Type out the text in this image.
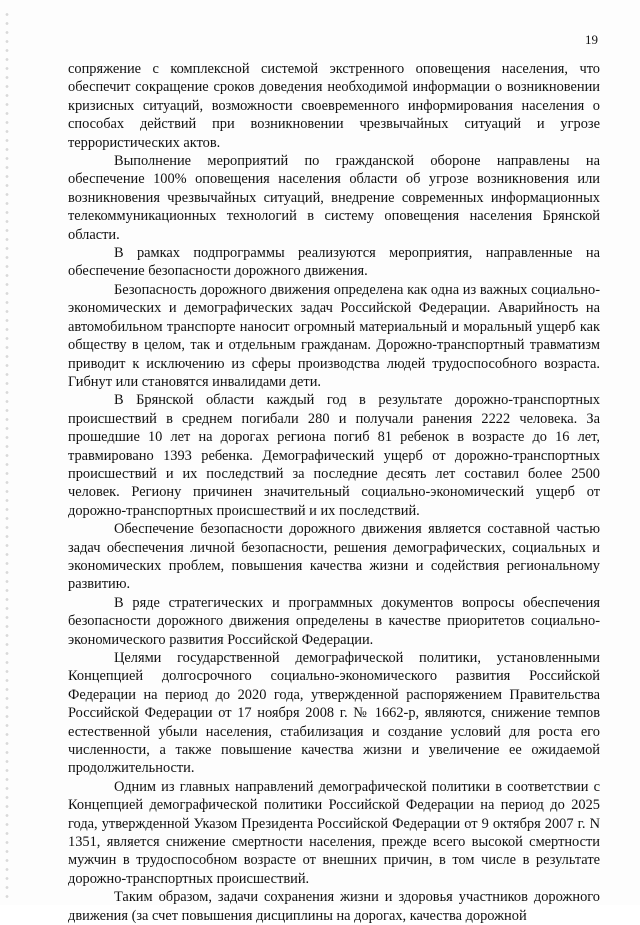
19

сопряжение с комплексной системой экстренного оповещения населения, что обеспечит сокращение сроков доведения необходимой информации о возникновении кризисных ситуаций, возможности своевременного информирования населения о способах действий при возникновении чрезвычайных ситуаций и угрозе террористических актов.

Выполнение мероприятий по гражданской обороне направлены на обеспечение 100% оповещения населения области об угрозе возникновения или возникновения чрезвычайных ситуаций, внедрение современных информационных телекоммуникационных технологий в систему оповещения населения Брянской области.

В рамках подпрограммы реализуются мероприятия, направленные на обеспечение безопасности дорожного движения.

Безопасность дорожного движения определена как одна из важных социально-экономических и демографических задач Российской Федерации. Аварийность на автомобильном транспорте наносит огромный материальный и моральный ущерб как обществу в целом, так и отдельным гражданам. Дорожно-транспортный травматизм приводит к исключению из сферы производства людей трудоспособного возраста. Гибнут или становятся инвалидами дети.

В Брянской области каждый год в результате дорожно-транспортных происшествий в среднем погибали 280 и получали ранения 2222 человека. За прошедшие 10 лет на дорогах региона погиб 81 ребенок в возрасте до 16 лет, травмировано 1393 ребенка. Демографический ущерб от дорожно-транспортных происшествий и их последствий за последние десять лет составил более 2500 человек. Региону причинен значительный социально-экономический ущерб от дорожно-транспортных происшествий и их последствий.

Обеспечение безопасности дорожного движения является составной частью задач обеспечения личной безопасности, решения демографических, социальных и экономических проблем, повышения качества жизни и содействия региональному развитию.

В ряде стратегических и программных документов вопросы обеспечения безопасности дорожного движения определены в качестве приоритетов социально-экономического развития Российской Федерации.

Целями государственной демографической политики, установленными Концепцией долгосрочного социально-экономического развития Российской Федерации на период до 2020 года, утвержденной распоряжением Правительства Российской Федерации от 17 ноября 2008 г. № 1662-р, являются, снижение темпов естественной убыли населения, стабилизация и создание условий для роста его численности, а также повышение качества жизни и увеличение ее ожидаемой продолжительности.

Одним из главных направлений демографической политики в соответствии с Концепцией демографической политики Российской Федерации на период до 2025 года, утвержденной Указом Президента Российской Федерации от 9 октября 2007 г. N 1351, является снижение смертности населения, прежде всего высокой смертности мужчин в трудоспособном возрасте от внешних причин, в том числе в результате дорожно-транспортных происшествий.

Таким образом, задачи сохранения жизни и здоровья участников дорожного движения (за счет повышения дисциплины на дорогах, качества дорожной
